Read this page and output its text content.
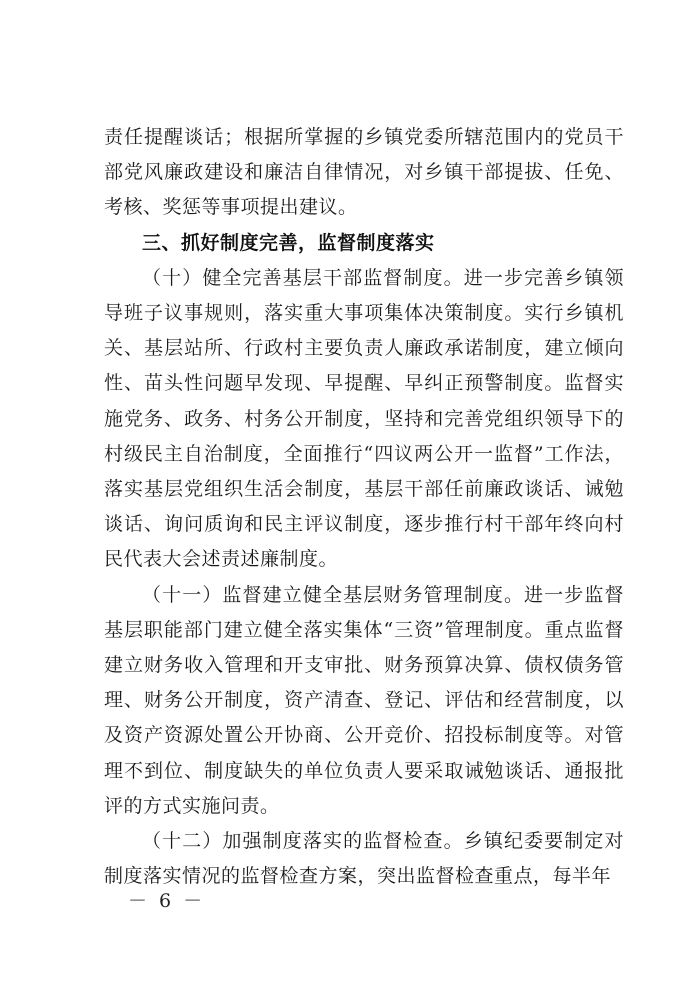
责任提醒谈话；根据所掌握的乡镇党委所辖范围内的党员干部党风廉政建设和廉洁自律情况，对乡镇干部提拔、任免、考核、奖惩等事项提出建议。

三、抓好制度完善，监督制度落实

（十）健全完善基层干部监督制度。进一步完善乡镇领导班子议事规则，落实重大事项集体决策制度。实行乡镇机关、基层站所、行政村主要负责人廉政承诺制度，建立倾向性、苗头性问题早发现、早提醒、早纠正预警制度。监督实施党务、政务、村务公开制度，坚持和完善党组织领导下的村级民主自治制度，全面推行“四议两公开一监督”工作法，落实基层党组织生活会制度，基层干部任前廉政谈话、诫勉谈话、询问质询和民主评议制度，逐步推行村干部年终向村民代表大会述责述廉制度。

（十一）监督建立健全基层财务管理制度。进一步监督基层职能部门建立健全落实集体“三资”管理制度。重点监督建立财务收入管理和开支审批、财务预算决算、债权债务管理、财务公开制度，资产清查、登记、评估和经营制度，以及资产资源处置公开协商、公开竞价、招投标制度等。对管理不到位、制度缺失的单位负责人要采取诫勉谈话、通报批评的方式实施问责。

（十二）加强制度落实的监督检查。乡镇纪委要制定对制度落实情况的监督检查方案，突出监督检查重点，每半年

－ 6 －
